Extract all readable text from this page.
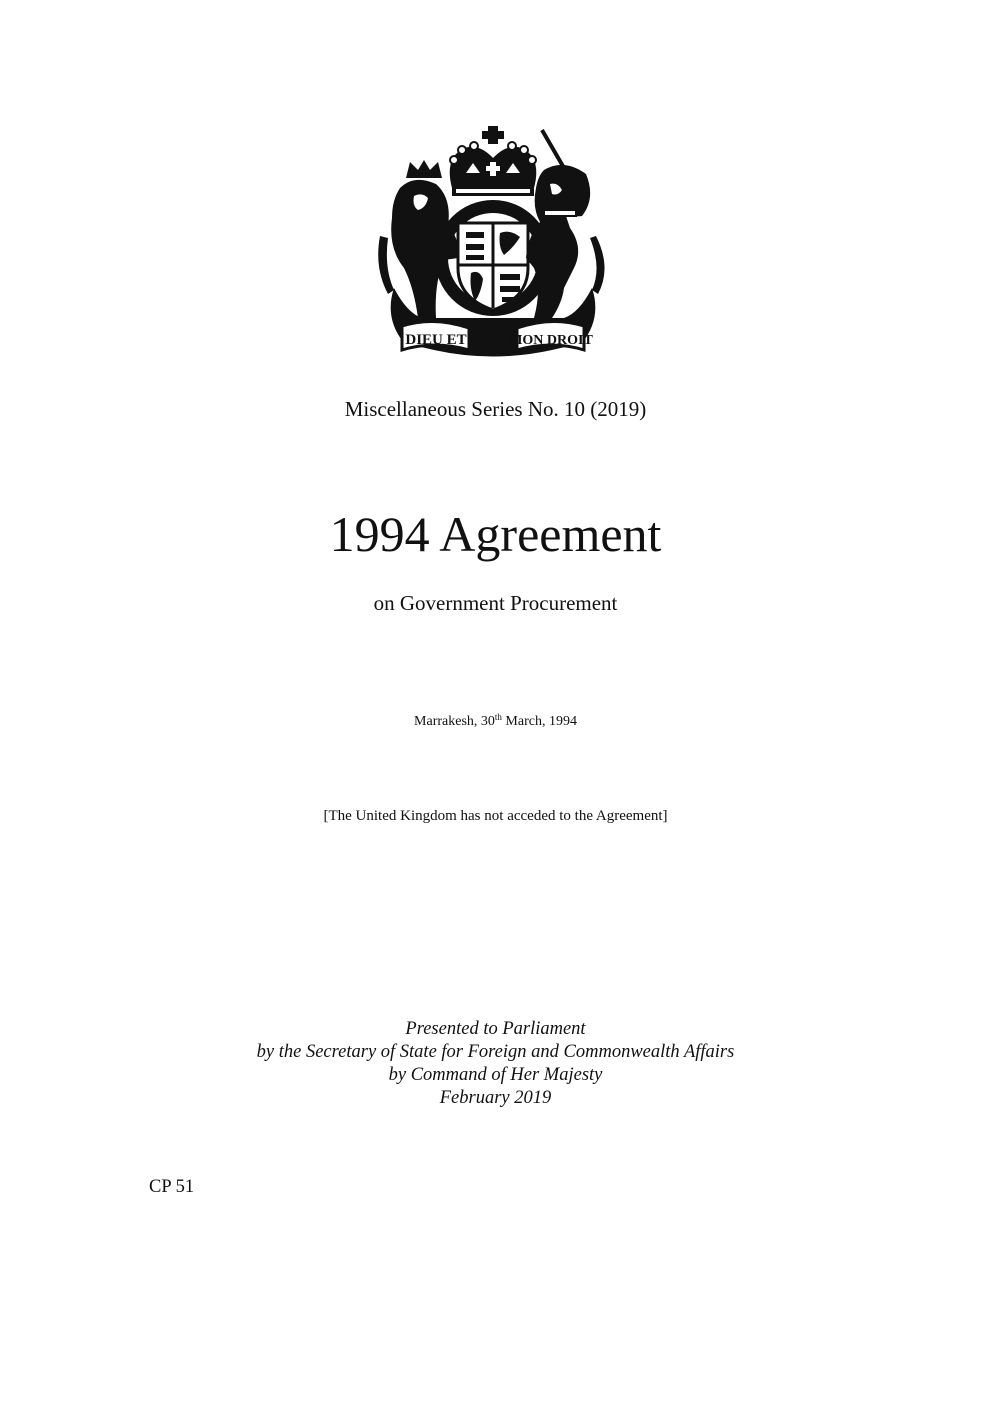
DIEU ET	MON DROIT
Miscellaneous Series No. 10 (2019)
1994 Agreement
on Government Procurement
Marrakesh, 30th March, 1994
[The United Kingdom has not acceded to the Agreement]
Presented to Parliament
by the Secretary of State for Foreign and Commonwealth Affairs
by Command of Her Majesty
February 2019
CP 51
